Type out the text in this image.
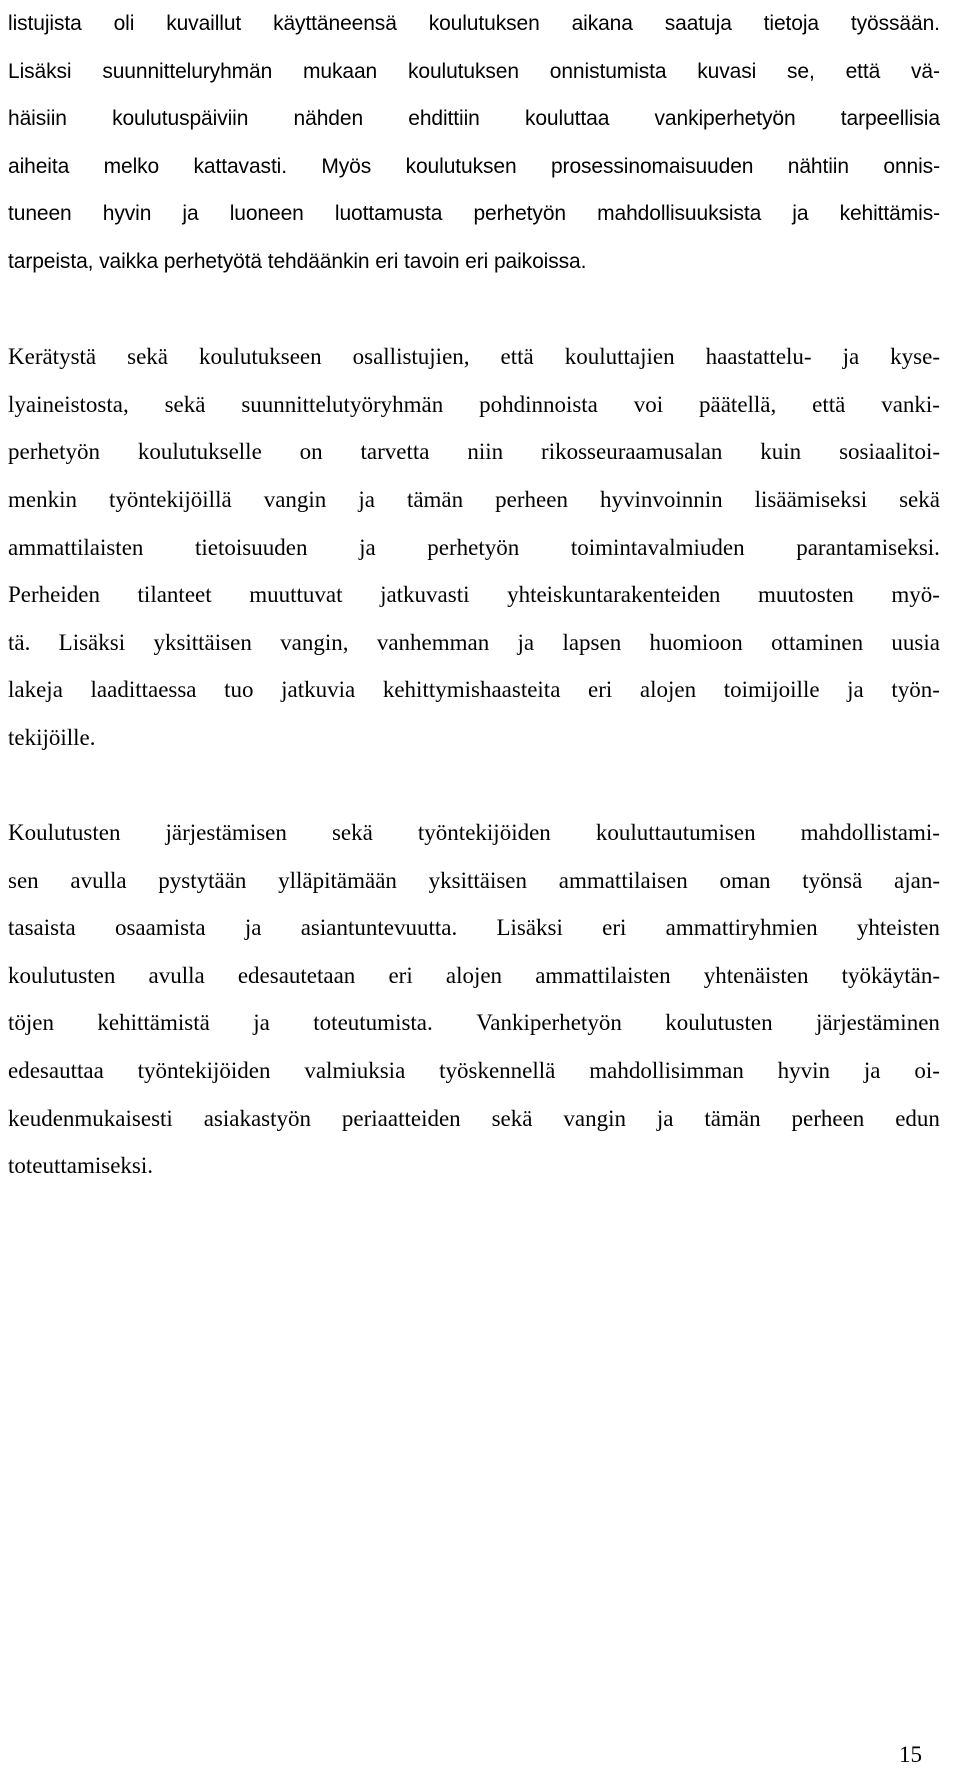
listujista oli kuvaillut käyttäneensä koulutuksen aikana saatuja tietoja työssään.
Lisäksi suunnitteluryhmän mukaan koulutuksen onnistumista kuvasi se, että vä-
häisiin koulutuspäiviin nähden ehdittiin kouluttaa vankiperhetyön tarpeellisia
aiheita melko kattavasti. Myös koulutuksen prosessinomaisuuden nähtiin onnis-
tuneen hyvin ja luoneen luottamusta perhetyön mahdollisuuksista ja kehittämis-
tarpeista, vaikka perhetyötä tehdäänkin eri tavoin eri paikoissa.
Kerätystä sekä koulutukseen osallistujien, että kouluttajien haastattelu- ja kyse-
lyaineistosta, sekä suunnittelutyöryhmän pohdinnoista voi päätellä, että vanki-
perhetyön koulutukselle on tarvetta niin rikosseuraamusalan kuin sosiaalitoi-
menkin työntekijöillä vangin ja tämän perheen hyvinvoinnin lisäämiseksi sekä
ammattilaisten tietoisuuden ja perhetyön toimintavalmiuden parantamiseksi.
Perheiden tilanteet muuttuvat jatkuvasti yhteiskuntarakenteiden muutosten myö-
tä. Lisäksi yksittäisen vangin, vanhemman ja lapsen huomioon ottaminen uusia
lakeja laadittaessa tuo jatkuvia kehittymishaasteita eri alojen toimijoille ja työn-
tekijöille.
Koulutusten järjestämisen sekä työntekijöiden kouluttautumisen mahdollistami-
sen avulla pystytään ylläpitämään yksittäisen ammattilaisen oman työnsä ajan-
tasaista osaamista ja asiantuntevuutta. Lisäksi eri ammattiryhmien yhteisten
koulutusten avulla edesautetaan eri alojen ammattilaisten yhtenäisten työkäytän-
töjen kehittämistä ja toteutumista. Vankiperhetyön koulutusten järjestäminen
edesauttaa työntekijöiden valmiuksia työskennellä mahdollisimman hyvin ja oi-
keudenmukaisesti asiakastyön periaatteiden sekä vangin ja tämän perheen edun
toteuttamiseksi.
15
